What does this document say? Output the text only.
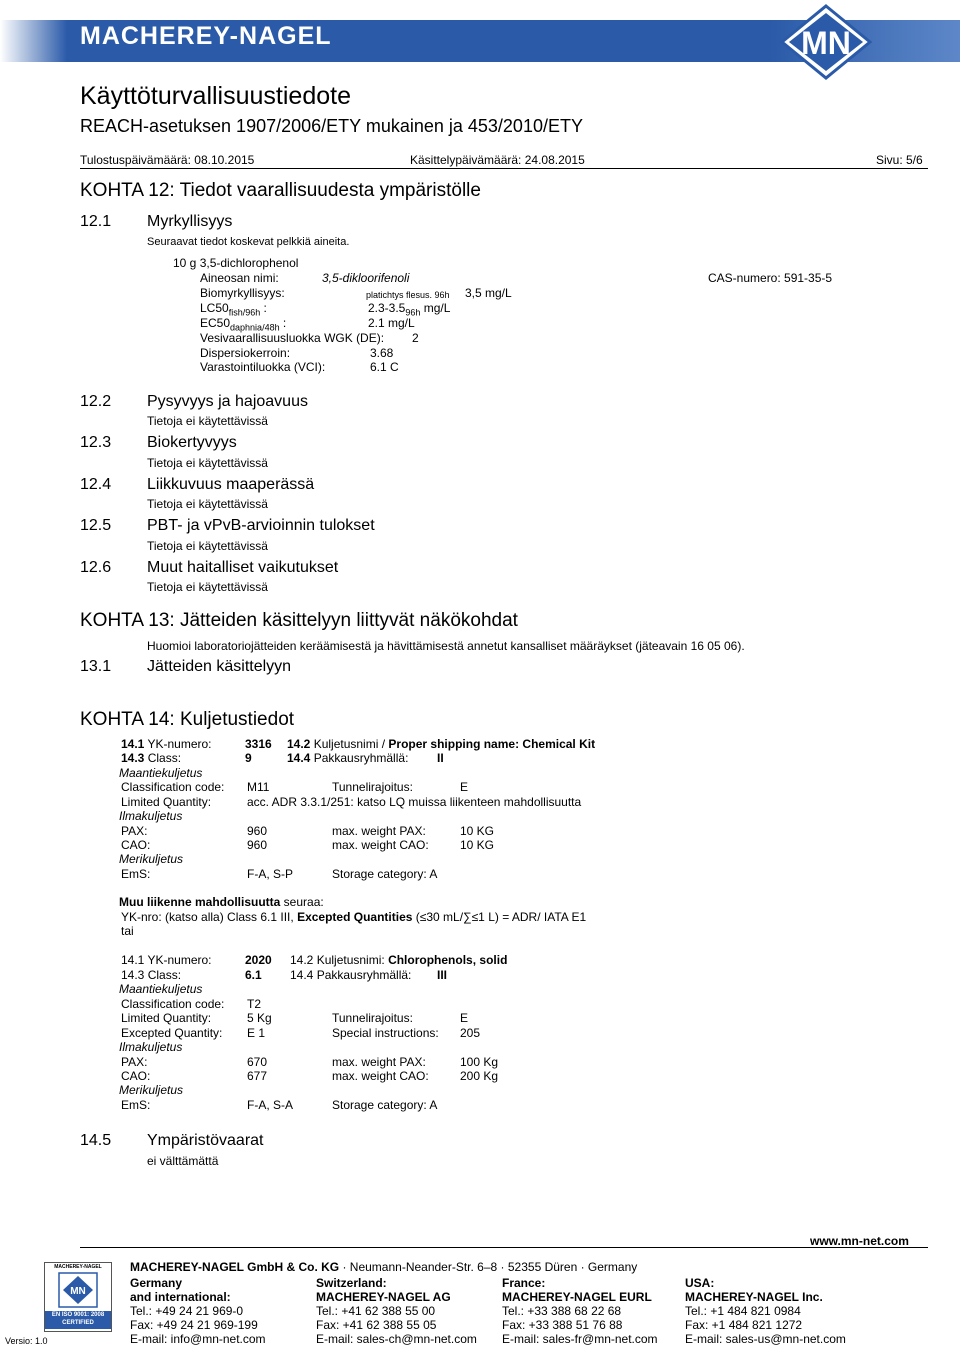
MACHEREY-NAGEL	MN
Käyttöturvallisuustiedote
REACH-asetuksen 1907/2006/ETY mukainen ja 453/2010/ETY
Tulostuspäivämäärä: 08.10.2015	Käsittelypäivämäärä: 24.08.2015	Sivu: 5/6
KOHTA 12: Tiedot vaarallisuudesta ympäristölle
12.1 Myrkyllisyys
Seuraavat tiedot koskevat pelkkiä aineita.
10 g 3,5-dichlorophenol
Aineosan nimi:	3,5-dikloorifenoli	CAS-numero: 591-35-5
Biomyrkyllisyys:	platichtys flesus. 96h 3,5 mg/L
$LC50_{fish/96h}$ :	$2.3-3.5_{96h}$ mg/L
$EC50_{daphnia/48h}$ :	2.1 mg/L
Vesivaarallisuusluokka WGK (DE): 2
Dispersiokerroin:	3.68
Varastointiluokka (VCI):	6.1 C
12.2 Pysyvyys ja hajoavuus
Tietoja ei käytettävissä
12.3 Biokertyvyys
Tietoja ei käytettävissä
12.4 Liikkuvuus maaperässä
Tietoja ei käytettävissä
12.5 PBT- ja vPvB-arvioinnin tulokset
Tietoja ei käytettävissä
12.6 Muut haitalliset vaikutukset
Tietoja ei käytettävissä
KOHTA 13: Jätteiden käsittelyyn liittyvät näkökohdat
Huomioi laboratoriojätteiden keräämisestä ja hävittämisestä annetut kansalliset määräykset (jäteavain 16 05 06).
13.1 Jätteiden käsittelyyn
KOHTA 14: Kuljetustiedot
14.1 YK-numero:	3316 14.2 Kuljetusnimi / Proper shipping name: Chemical Kit
14.3 Class:	9	14.4 Pakkausryhmällä: II
Maantiekuljetus
Classification code: M11	Tunnelirajoitus:	E
Limited Quantity:	acc. ADR 3.3.1/251: katso LQ muissa liikenteen mahdollisuutta
Ilmakuljetus
PAX:	960	max. weight PAX:	10 KG
CAO:	960	max. weight CAO:	10 KG
Merikuljetus
EmS:	F-A, S-P	Storage category: A
Muu liikenne mahdollisuutta seuraa:
YK-nro: (katso alla) Class 6.1 III, Excepted Quantities (≤30 mL/∑≤1 L) = ADR/ IATA E1
tai
14.1 YK-numero:	2020 14.2 Kuljetusnimi: Chlorophenols, solid
14.3 Class:	6.1 14.4 Pakkausryhmällä: III
Maantiekuljetus
Classification code: T2
Limited Quantity:	5 Kg	Tunnelirajoitus:	E
Excepted Quantity: E 1	Special instructions: 205
Ilmakuljetus
PAX:	670	max. weight PAX:	100 Kg
CAO:	677	max. weight CAO:	200 Kg
Merikuljetus
EmS:	F-A, S-A	Storage category: A
14.5 Ympäristövaarat
ei välttämättä
MACHEREY-NAGEL GmbH & Co. KG · Neumann-Neander-Str. 6–8 · 52355 Düren · Germany
www.mn-net.com
MACHEREY-NAGEL
MN
EN ISO 9001: 2008
CERTIFIED
Versio: 1.0
Germany
and international:
Tel.: +49 24 21 969-0
Fax: +49 24 21 969-199
E-mail: info@mn-net.com
Switzerland:
MACHEREY-NAGEL AG
Tel.: +41 62 388 55 00
Fax: +41 62 388 55 05
E-mail: sales-ch@mn-net.com
France:
MACHEREY-NAGEL EURL
Tel.: +33 388 68 22 68
Fax: +33 388 51 76 88
E-mail: sales-fr@mn-net.com
USA:
MACHEREY-NAGEL Inc.
Tel.: +1 484 821 0984
Fax: +1 484 821 1272
E-mail: sales-us@mn-net.com
